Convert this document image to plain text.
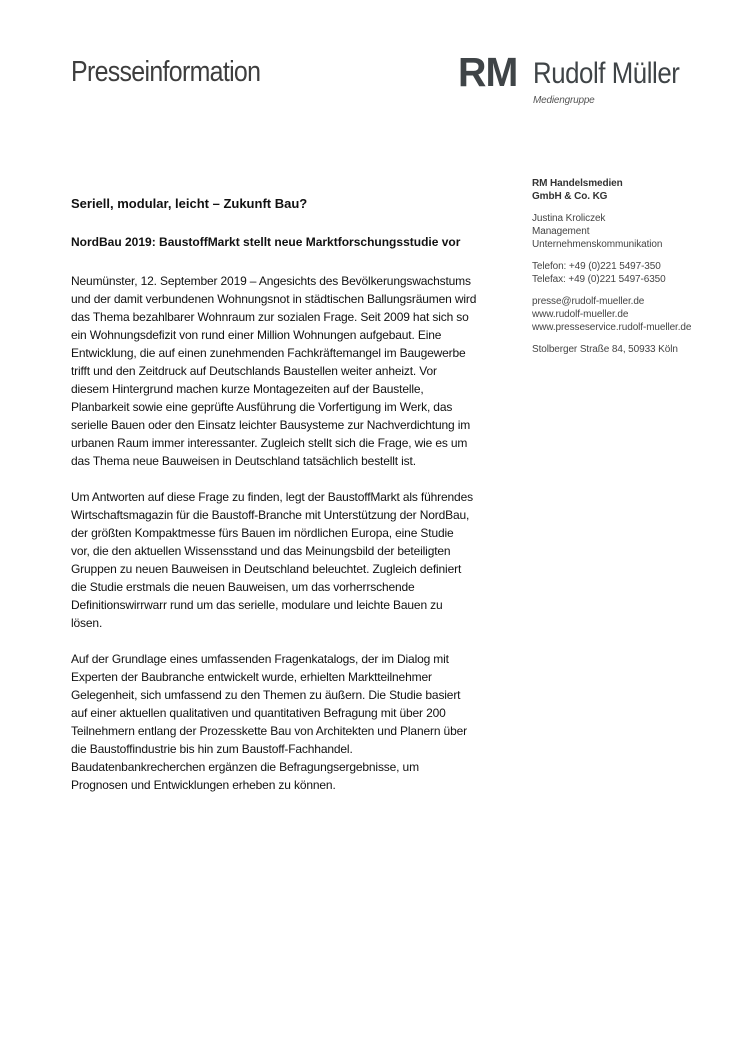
Presseinformation	RM Rudolf Müller
Mediengruppe
RM Handelsmedien
GmbH & Co. KG
Justina Kroliczek
Management
Unternehmenskommunikation
Telefon: +49 (0)221 5497-350
Telefax: +49 (0)221 5497-6350
presse@rudolf-mueller.de
www.rudolf-mueller.de
www.presseservice.rudolf-mueller.de
Stolberger Straße 84, 50933 Köln
Seriell, modular, leicht – Zukunft Bau?
NordBau 2019: BaustoffMarkt stellt neue Marktforschungsstudie vor
Neumünster, 12. September 2019 – Angesichts des Bevölkerungswachstums
und der damit verbundenen Wohnungsnot in städtischen Ballungsräumen wird
das Thema bezahlbarer Wohnraum zur sozialen Frage. Seit 2009 hat sich so
ein Wohnungsdefizit von rund einer Million Wohnungen aufgebaut. Eine
Entwicklung, die auf einen zunehmenden Fachkräftemangel im Baugewerbe
trifft und den Zeitdruck auf Deutschlands Baustellen weiter anheizt. Vor
diesem Hintergrund machen kurze Montagezeiten auf der Baustelle,
Planbarkeit sowie eine geprüfte Ausführung die Vorfertigung im Werk, das
serielle Bauen oder den Einsatz leichter Bausysteme zur Nachverdichtung im
urbanen Raum immer interessanter. Zugleich stellt sich die Frage, wie es um
das Thema neue Bauweisen in Deutschland tatsächlich bestellt ist.
Um Antworten auf diese Frage zu finden, legt der BaustoffMarkt als führendes
Wirtschaftsmagazin für die Baustoff-Branche mit Unterstützung der NordBau,
der größten Kompaktmesse fürs Bauen im nördlichen Europa, eine Studie
vor, die den aktuellen Wissensstand und das Meinungsbild der beteiligten
Gruppen zu neuen Bauweisen in Deutschland beleuchtet. Zugleich definiert
die Studie erstmals die neuen Bauweisen, um das vorherrschende
Definitionswirrwarr rund um das serielle, modulare und leichte Bauen zu
lösen.
Auf der Grundlage eines umfassenden Fragenkatalogs, der im Dialog mit
Experten der Baubranche entwickelt wurde, erhielten Marktteilnehmer
Gelegenheit, sich umfassend zu den Themen zu äußern. Die Studie basiert
auf einer aktuellen qualitativen und quantitativen Befragung mit über 200
Teilnehmern entlang der Prozesskette Bau von Architekten und Planern über
die Baustoffindustrie bis hin zum Baustoff-Fachhandel.
Baudatenbankrecherchen ergänzen die Befragungsergebnisse, um
Prognosen und Entwicklungen erheben zu können.
